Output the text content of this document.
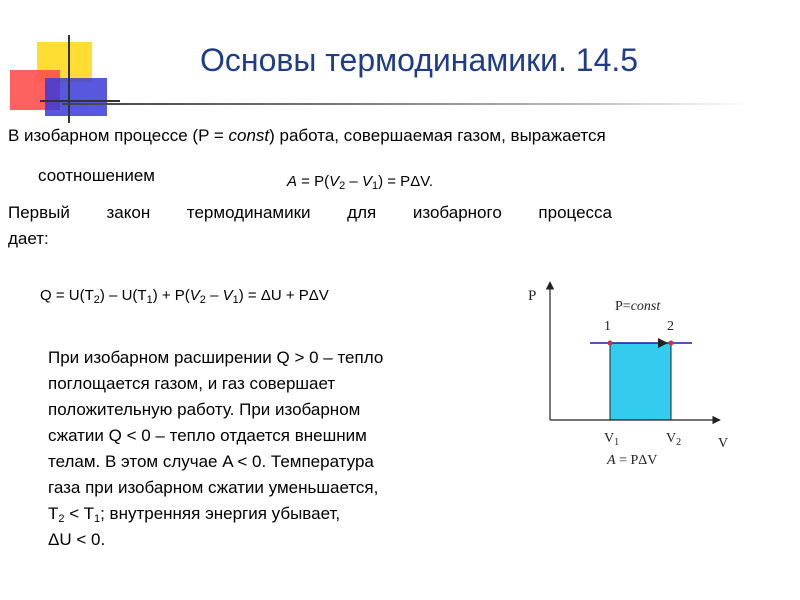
Основы термодинамики. 14.5
В изобарном процессе (P = const) работа, совершаемая газом, выражается
соотношением	$A = P(V_2 - V_1) = P\Delta V$.
Первый закон термодинамики для изобарного процесса
дает:
$Q = U(T_2) - U(T_1) + P(V_2 - V_1) = \Delta U + P\Delta V$
При изобарном расширении Q > 0 – тепло
поглощается газом, и газ совершает
положительную работу. При изобарном
сжатии Q < 0 – тепло отдается внешним
телам. В этом случае A < 0. Температура
газа при изобарном сжатии уменьшается,
$T_2 < T_1$; внутренняя энергия убывает,
ΔU < 0.
P
V
P=const
1	2
$V_1$	$V_2$
A = PΔV
